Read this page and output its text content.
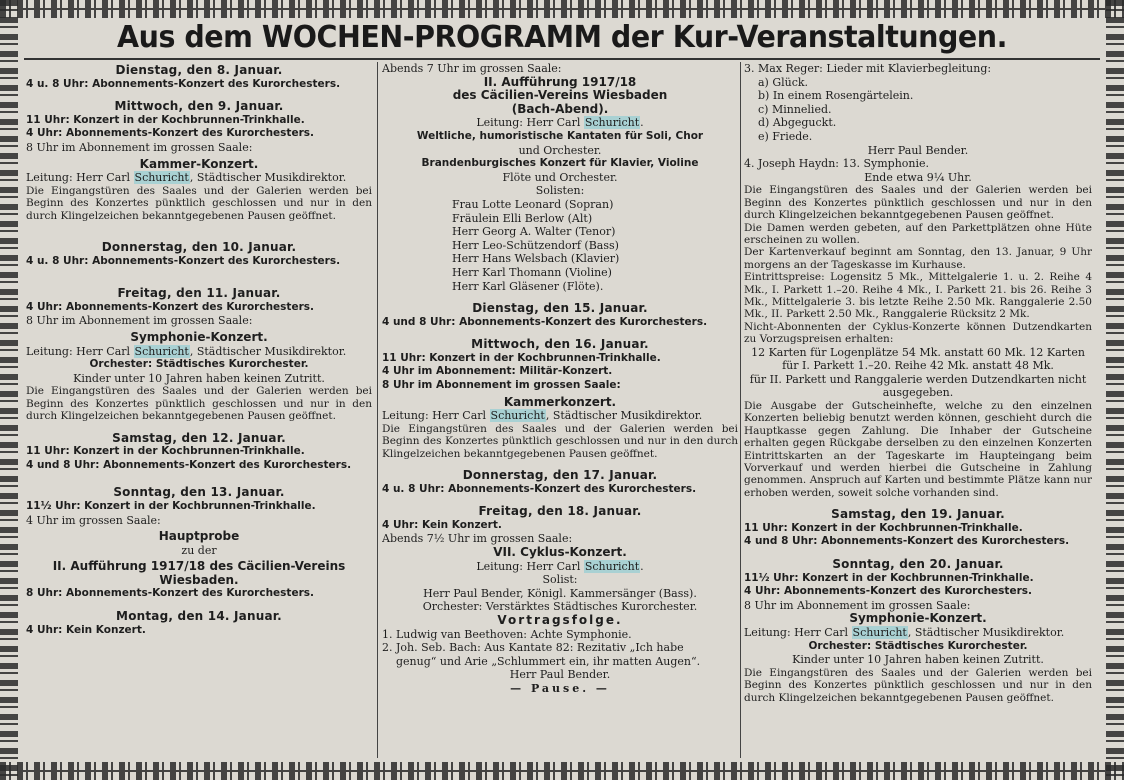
Aus dem WOCHEN-PROGRAMM der Kur-Veranstaltungen.
Dienstag, den 8. Januar.
4 u. 8 Uhr: Abonnements-Konzert des Kurorchesters.
Mittwoch, den 9. Januar.
11 Uhr: Konzert in der Kochbrunnen-Trinkhalle.
4 Uhr: Abonnements-Konzert des Kurorchesters.
8 Uhr im Abonnement im grossen Saale:
Kammer-Konzert.
Leitung: Herr Carl Schuricht, Städtischer Musikdirektor.
Die Eingangstüren des Saales und der Galerien werden bei Beginn des Konzertes pünktlich geschlossen und nur in den durch Klingelzeichen bekanntgegebenen Pausen geöffnet.
Donnerstag, den 10. Januar.
4 u. 8 Uhr: Abonnements-Konzert des Kurorchesters.
Freitag, den 11. Januar.
4 Uhr: Abonnements-Konzert des Kurorchesters.
8 Uhr im Abonnement im grossen Saale:
Symphonie-Konzert.
Leitung: Herr Carl Schuricht, Städtischer Musikdirektor.
Orchester: Städtisches Kurorchester.
Kinder unter 10 Jahren haben keinen Zutritt.
Die Eingangstüren des Saales und der Galerien werden bei Beginn des Konzertes pünktlich geschlossen und nur in den durch Klingelzeichen bekanntgegebenen Pausen geöffnet.
Samstag, den 12. Januar.
11 Uhr: Konzert in der Kochbrunnen-Trinkhalle.
4 und 8 Uhr: Abonnements-Konzert des Kurorchesters.
Sonntag, den 13. Januar.
11½ Uhr: Konzert in der Kochbrunnen-Trinkhalle.
4 Uhr im grossen Saale:
Hauptprobe
zu der
II. Aufführung 1917/18 des Cäcilien-Vereins Wiesbaden.
8 Uhr: Abonnements-Konzert des Kurorchesters.
Montag, den 14. Januar.
4 Uhr: Kein Konzert.
Abends 7 Uhr im grossen Saale:
II. Aufführung 1917/18
des Cäcilien-Vereins Wiesbaden
(Bach-Abend).
Leitung: Herr Carl Schuricht.
Weltliche, humoristische Kantaten für Soli, Chor
und Orchester.
Brandenburgisches Konzert für Klavier, Violine
Flöte und Orchester.
Solisten:
Frau Lotte Leonard (Sopran)
Fräulein Elli Berlow (Alt)
Herr Georg A. Walter (Tenor)
Herr Leo-Schützendorf (Bass)
Herr Hans Welsbach (Klavier)
Herr Karl Thomann (Violine)
Herr Karl Gläsener (Flöte).
Dienstag, den 15. Januar.
4 und 8 Uhr: Abonnements-Konzert des Kurorchesters.
Mittwoch, den 16. Januar.
11 Uhr: Konzert in der Kochbrunnen-Trinkhalle.
4 Uhr im Abonnement: Militär-Konzert.
8 Uhr im Abonnement im grossen Saale:
Kammerkonzert.
Leitung: Herr Carl Schuricht, Städtischer Musikdirektor.
Die Eingangstüren des Saales und der Galerien werden bei Beginn des Konzertes pünktlich geschlossen und nur in den durch Klingelzeichen bekanntgegebenen Pausen geöffnet.
Donnerstag, den 17. Januar.
4 u. 8 Uhr: Abonnements-Konzert des Kurorchesters.
Freitag, den 18. Januar.
4 Uhr: Kein Konzert.
Abends 7½ Uhr im grossen Saale:
VII. Cyklus-Konzert.
Leitung: Herr Carl Schuricht.
Solist:
Herr Paul Bender, Königl. Kammersänger (Bass).
Orchester: Verstärktes Städtisches Kurorchester.
Vortragsfolge.
1. Ludwig van Beethoven: Achte Symphonie.
2. Joh. Seb. Bach: Aus Kantate 82: Rezitativ „Ich habe
genug“ und Arie „Schlummert ein, ihr matten Augen“.
Herr Paul Bender.
— Pause. —
3. Max Reger: Lieder mit Klavierbegleitung:
a) Glück.
b) In einem Rosengärtelein.
c) Minnelied.
d) Abgeguckt.
e) Friede.
Herr Paul Bender.
4. Joseph Haydn: 13. Symphonie.
Ende etwa 9¼ Uhr.
Die Eingangstüren des Saales und der Galerien werden bei Beginn des Konzertes pünktlich geschlossen und nur in den durch Klingelzeichen bekanntgegebenen Pausen geöffnet.
Die Damen werden gebeten, auf den Parkettplätzen ohne Hüte erscheinen zu wollen.
Der Kartenverkauf beginnt am Sonntag, den 13. Januar, 9 Uhr morgens an der Tageskasse im Kurhause.
Eintrittspreise: Logensitz 5 Mk., Mittelgalerie 1. u. 2. Reihe 4 Mk., I. Parkett 1.–20. Reihe 4 Mk., I. Parkett 21. bis 26. Reihe 3 Mk., Mittelgalerie 3. bis letzte Reihe 2.50 Mk. Ranggalerie 2.50 Mk., II. Parkett 2.50 Mk., Ranggalerie Rücksitz 2 Mk.
Nicht-Abonnenten der Cyklus-Konzerte können Dutzendkarten zu Vorzugspreisen erhalten:
12 Karten für Logenplätze 54 Mk. anstatt 60 Mk. 12 Karten
für I. Parkett 1.–20. Reihe 42 Mk. anstatt 48 Mk.
für II. Parkett und Ranggalerie werden Dutzendkarten nicht
ausgegeben.
Die Ausgabe der Gutscheinhefte, welche zu den einzelnen Konzerten beliebig benutzt werden können, geschieht durch die Hauptkasse gegen Zahlung. Die Inhaber der Gutscheine erhalten gegen Rückgabe derselben zu den einzelnen Konzerten Eintrittskarten an der Tageskarte im Haupteingang beim Vorverkauf und werden hierbei die Gutscheine in Zahlung genommen. Anspruch auf Karten und bestimmte Plätze kann nur erhoben werden, soweit solche vorhanden sind.
Samstag, den 19. Januar.
11 Uhr: Konzert in der Kochbrunnen-Trinkhalle.
4 und 8 Uhr: Abonnements-Konzert des Kurorchesters.
Sonntag, den 20. Januar.
11½ Uhr: Konzert in der Kochbrunnen-Trinkhalle.
4 Uhr: Abonnements-Konzert des Kurorchesters.
8 Uhr im Abonnement im grossen Saale:
Symphonie-Konzert.
Leitung: Herr Carl Schuricht, Städtischer Musikdirektor.
Orchester: Städtisches Kurorchester.
Kinder unter 10 Jahren haben keinen Zutritt.
Die Eingangstüren des Saales und der Galerien werden bei Beginn des Konzertes pünktlich geschlossen und nur in den durch Klingelzeichen bekanntgegebenen Pausen geöffnet.
